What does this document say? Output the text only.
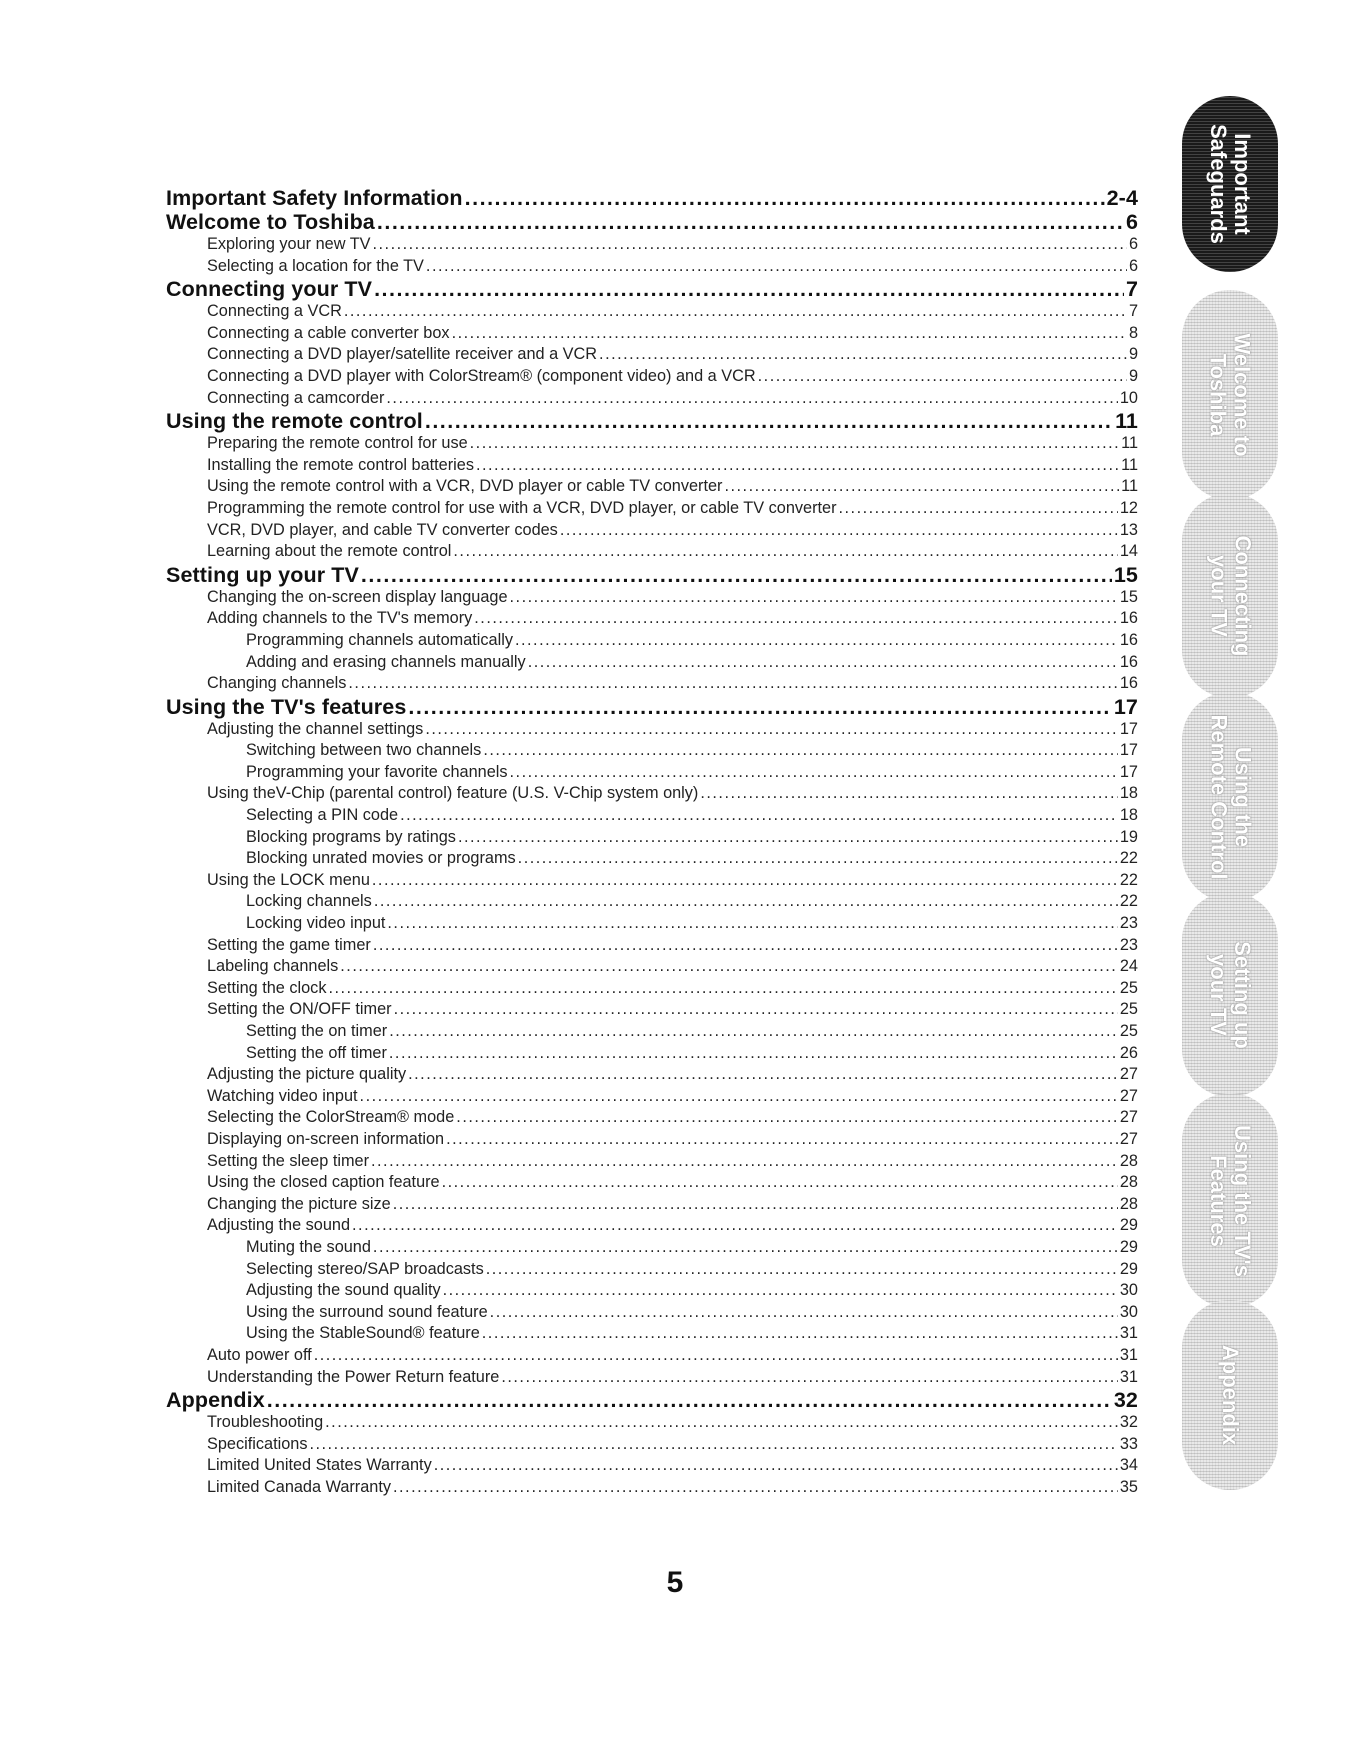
Important Safety Information .....	2-4
Welcome to Toshiba .....	6
Exploring your new TV .....	6
Selecting a location for the TV .....	6
Connecting your TV .....	7
Connecting a VCR .....	7
Connecting a cable converter box .....	8
Connecting a DVD player/satellite receiver and a VCR .....	9
Connecting a DVD player with ColorStream® (component video) and a VCR .....	9
Connecting a camcorder .....	10
Using the remote control .....	11
Preparing the remote control for use .....	11
Installing the remote control batteries .....	11
Using the remote control with a VCR, DVD player or cable TV converter .....	11
Programming the remote control for use with a VCR, DVD player, or cable TV converter .....	12
VCR, DVD player, and cable TV converter codes .....	13
Learning about the remote control .....	14
Setting up your TV .....	15
Changing the on-screen display language .....	15
Adding channels to the TV's memory .....	16
Programming channels automatically .....	16
Adding and erasing channels manually .....	16
Changing channels .....	16
Using the TV's features .....	17
Adjusting the channel settings .....	17
Switching between two channels .....	17
Programming your favorite channels .....	17
Using theV-Chip (parental control) feature (U.S. V-Chip system only) .....	18
Selecting a PIN code .....	18
Blocking programs by ratings .....	19
Blocking unrated movies or programs .....	22
Using the LOCK menu .....	22
Locking channels .....	22
Locking video input .....	23
Setting the game timer .....	23
Labeling channels .....	24
Setting the clock .....	25
Setting the ON/OFF timer .....	25
Setting the on timer .....	25
Setting the off timer .....	26
Adjusting the picture quality .....	27
Watching video input .....	27
Selecting the ColorStream® mode .....	27
Displaying on-screen information .....	27
Setting the sleep timer .....	28
Using the closed caption feature .....	28
Changing the picture size .....	28
Adjusting the sound .....	29
Muting the sound .....	29
Selecting stereo/SAP broadcasts .....	29
Adjusting the sound quality .....	30
Using the surround sound feature .....	30
Using the StableSound® feature .....	31
Auto power off .....	31
Understanding the Power Return feature .....	31
Appendix .....	32
Troubleshooting .....	32
Specifications .....	33
Limited United States Warranty .....	34
Limited Canada Warranty .....	35
5
Important
Safeguards
Welcome to
Toshiba
Connecting
your TV
Using the
Remote Control
Setting up
your TV
Using the TV's
Features
Appendix
